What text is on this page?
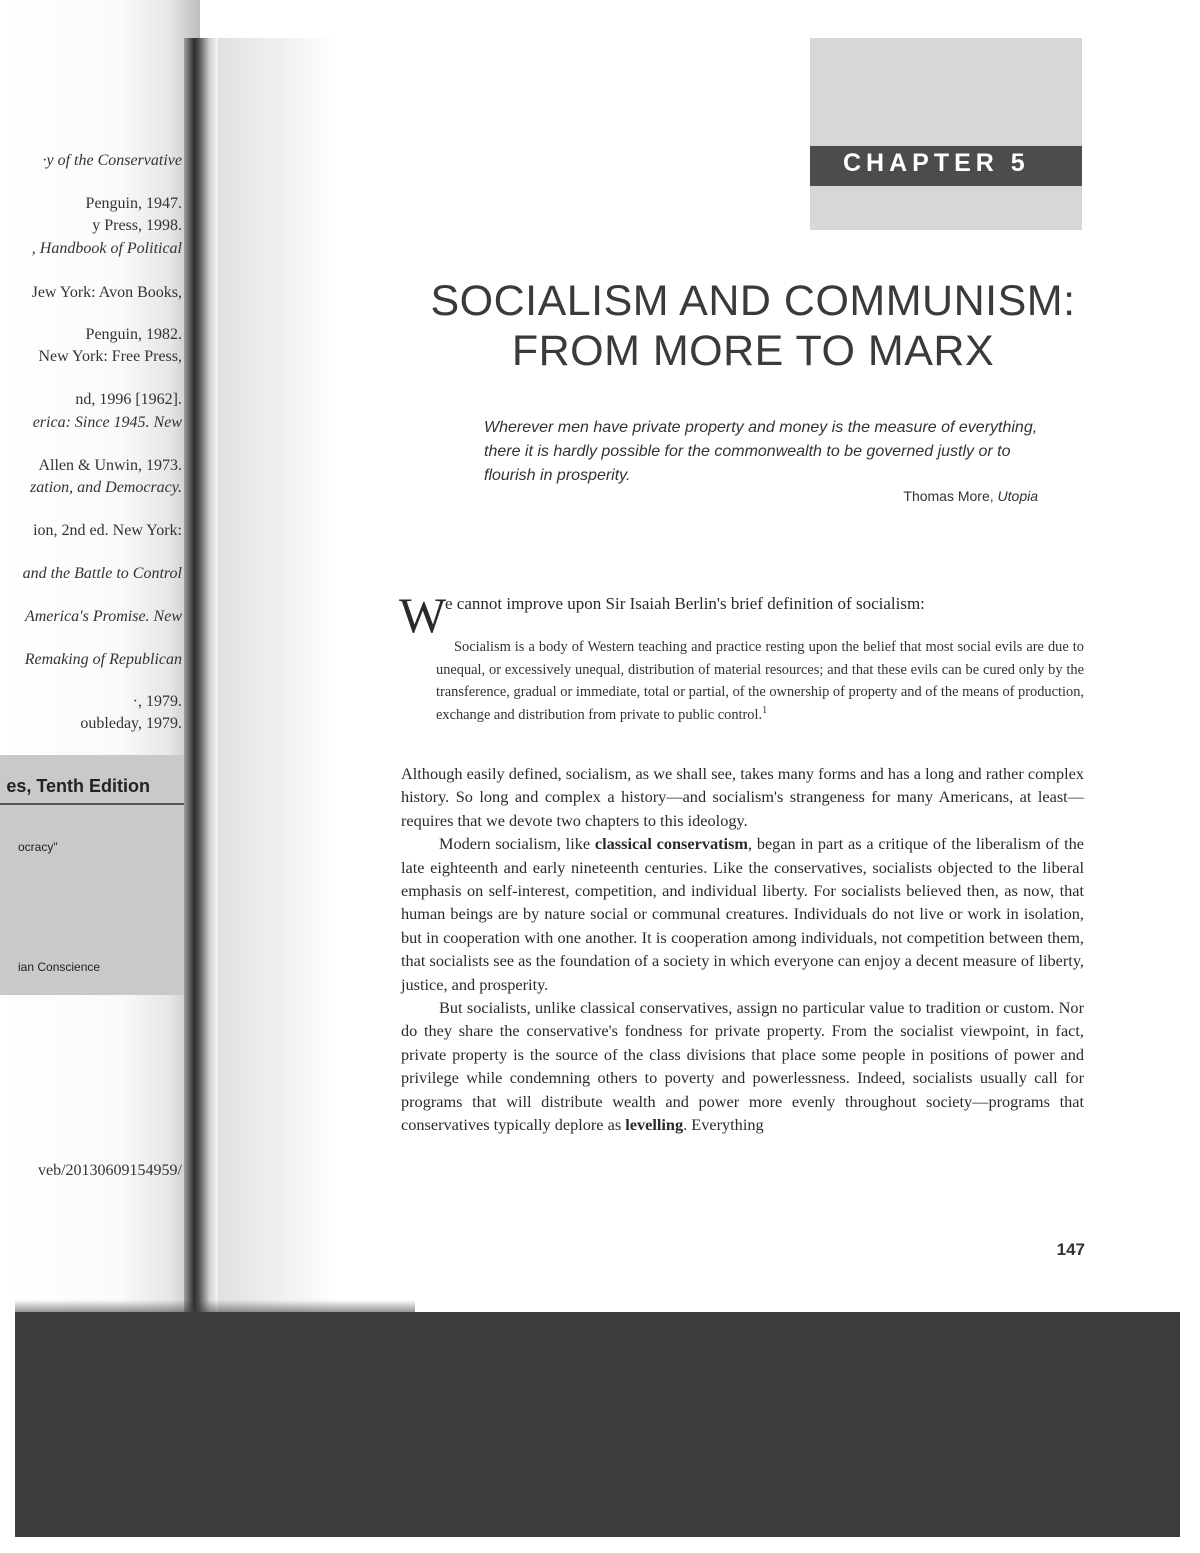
·y of the Conservative
Penguin, 1947.
y Press, 1998.
, Handbook of Political
Jew York: Avon Books,
Penguin, 1982.
New York: Free Press,
nd, 1996 [1962].
erica: Since 1945. New
Allen & Unwin, 1973.
zation, and Democracy.
ion, 2nd ed. New York:
and the Battle to Control
America's Promise. New
Remaking of Republican
·, 1979.
oubleday, 1979.
es, Tenth Edition
ocracy"
ian Conscience
veb/20130609154959/
CHAPTER 5
SOCIALISM AND COMMUNISM:
FROM MORE TO MARX
Wherever men have private property and money is the measure of everything, there it is hardly possible for the commonwealth to be governed justly or to flourish in prosperity.
Thomas More, Utopia
W
e cannot improve upon Sir Isaiah Berlin's brief definition of socialism:

Socialism is a body of Western teaching and practice resting upon the belief that most social evils are due to unequal, or excessively unequal, distribution of material resources; and that these evils can be cured only by the transference, gradual or immediate, total or partial, of the ownership of property and of the means of production, exchange and distribution from private to public control.$^1$

Although easily defined, socialism, as we shall see, takes many forms and has a long and rather complex history. So long and complex a history—and socialism's strangeness for many Americans, at least—requires that we devote two chapters to this ideology.

Modern socialism, like classical conservatism, began in part as a critique of the liberalism of the late eighteenth and early nineteenth centuries. Like the conservatives, socialists objected to the liberal emphasis on self-interest, competition, and individual liberty. For socialists believed then, as now, that human beings are by nature social or communal creatures. Individuals do not live or work in isolation, but in cooperation with one another. It is cooperation among individuals, not competition between them, that socialists see as the foundation of a society in which everyone can enjoy a decent measure of liberty, justice, and prosperity.

But socialists, unlike classical conservatives, assign no particular value to tradition or custom. Nor do they share the conservative's fondness for private property. From the socialist viewpoint, in fact, private property is the source of the class divisions that place some people in positions of power and privilege while condemning others to poverty and powerlessness. Indeed, socialists usually call for programs that will distribute wealth and power more evenly throughout society—programs that conservatives typically deplore as levelling. Everything

147
